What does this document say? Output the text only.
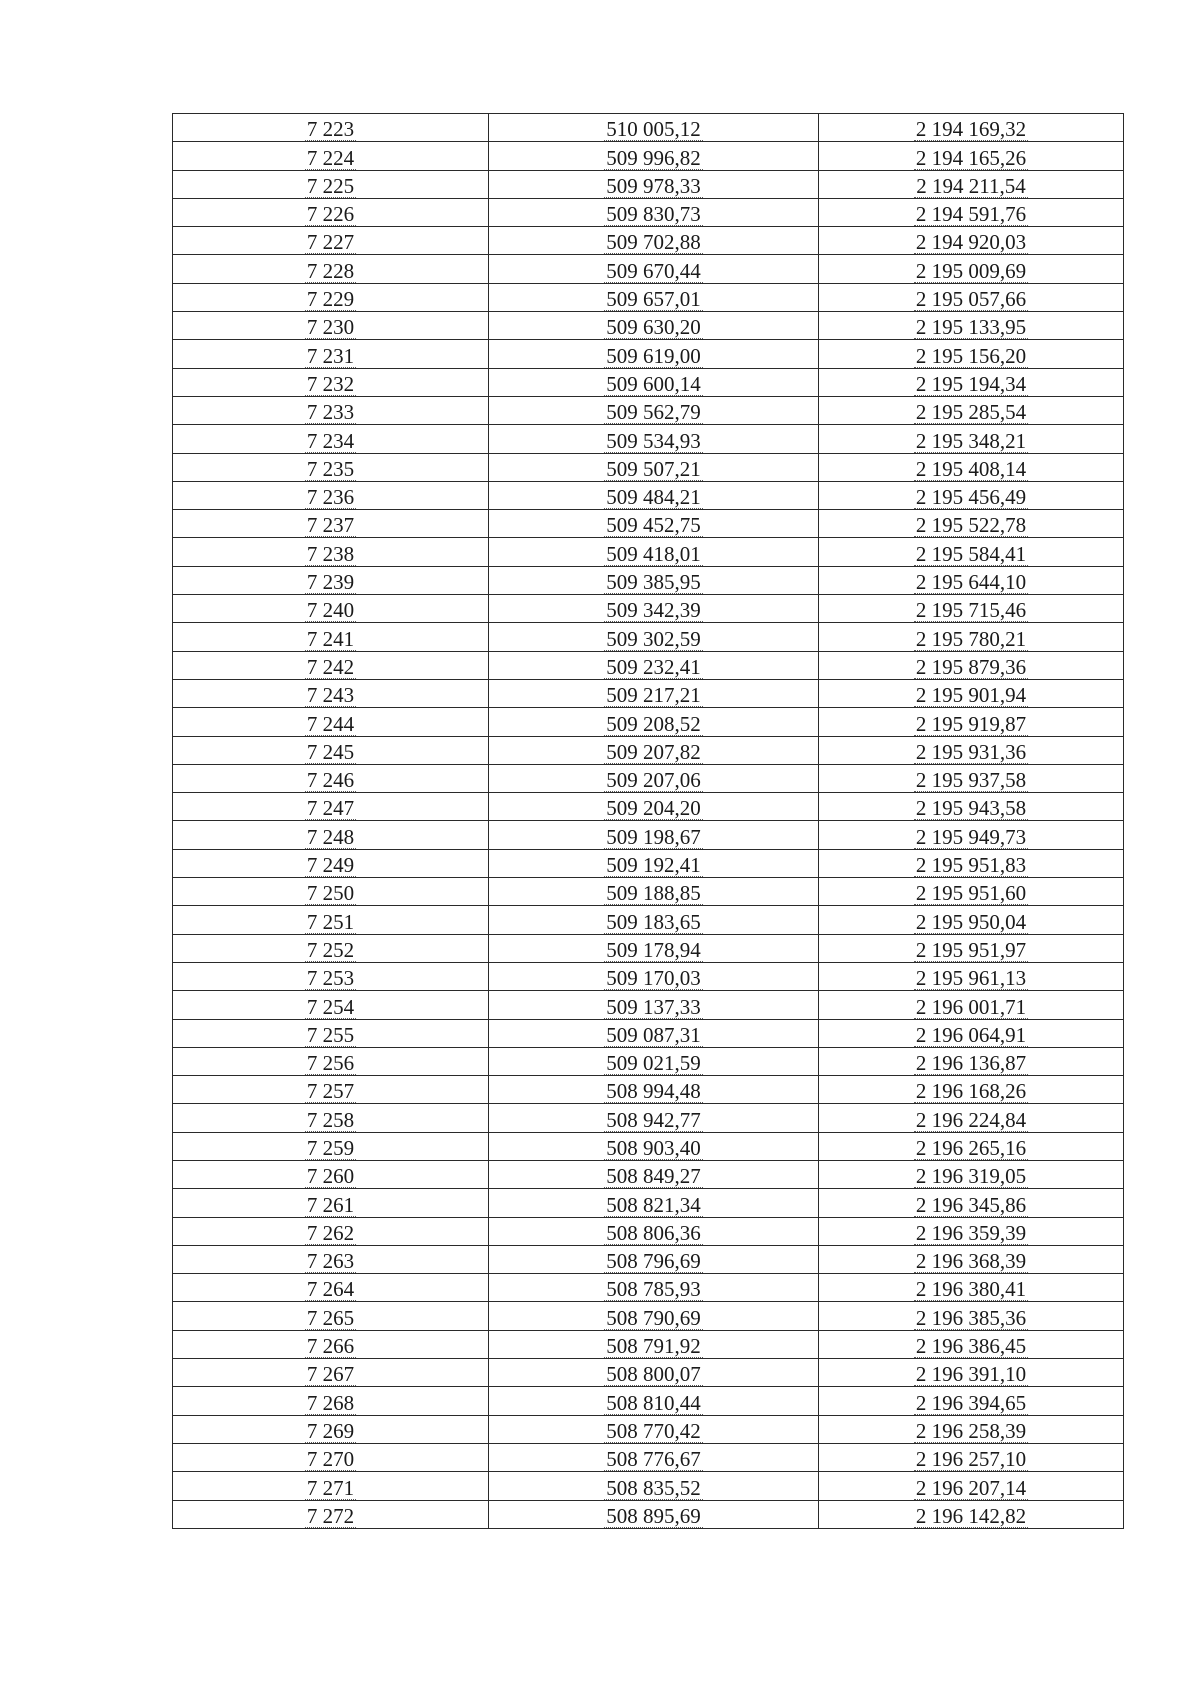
7 223	510 005,12	2 194 169,32
7 224	509 996,82	2 194 165,26
7 225	509 978,33	2 194 211,54
7 226	509 830,73	2 194 591,76
7 227	509 702,88	2 194 920,03
7 228	509 670,44	2 195 009,69
7 229	509 657,01	2 195 057,66
7 230	509 630,20	2 195 133,95
7 231	509 619,00	2 195 156,20
7 232	509 600,14	2 195 194,34
7 233	509 562,79	2 195 285,54
7 234	509 534,93	2 195 348,21
7 235	509 507,21	2 195 408,14
7 236	509 484,21	2 195 456,49
7 237	509 452,75	2 195 522,78
7 238	509 418,01	2 195 584,41
7 239	509 385,95	2 195 644,10
7 240	509 342,39	2 195 715,46
7 241	509 302,59	2 195 780,21
7 242	509 232,41	2 195 879,36
7 243	509 217,21	2 195 901,94
7 244	509 208,52	2 195 919,87
7 245	509 207,82	2 195 931,36
7 246	509 207,06	2 195 937,58
7 247	509 204,20	2 195 943,58
7 248	509 198,67	2 195 949,73
7 249	509 192,41	2 195 951,83
7 250	509 188,85	2 195 951,60
7 251	509 183,65	2 195 950,04
7 252	509 178,94	2 195 951,97
7 253	509 170,03	2 195 961,13
7 254	509 137,33	2 196 001,71
7 255	509 087,31	2 196 064,91
7 256	509 021,59	2 196 136,87
7 257	508 994,48	2 196 168,26
7 258	508 942,77	2 196 224,84
7 259	508 903,40	2 196 265,16
7 260	508 849,27	2 196 319,05
7 261	508 821,34	2 196 345,86
7 262	508 806,36	2 196 359,39
7 263	508 796,69	2 196 368,39
7 264	508 785,93	2 196 380,41
7 265	508 790,69	2 196 385,36
7 266	508 791,92	2 196 386,45
7 267	508 800,07	2 196 391,10
7 268	508 810,44	2 196 394,65
7 269	508 770,42	2 196 258,39
7 270	508 776,67	2 196 257,10
7 271	508 835,52	2 196 207,14
7 272	508 895,69	2 196 142,82
